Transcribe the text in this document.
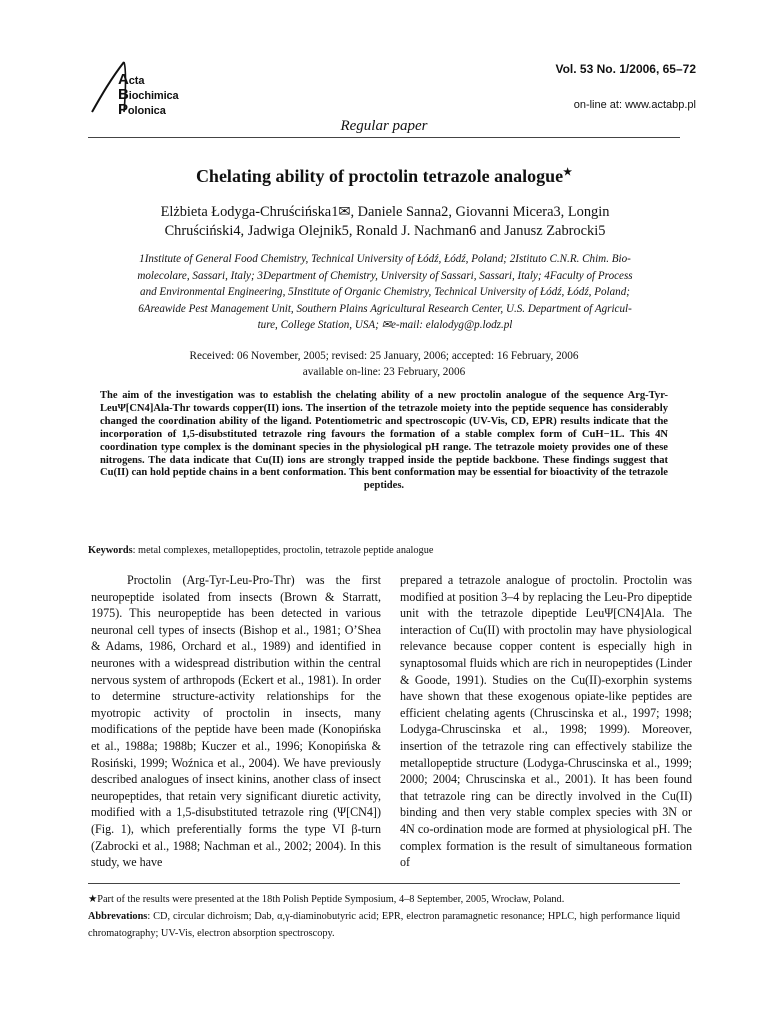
Acta
Biochimica
Polonica
Vol. 53 No. 1/2006, 65–72
on-line at: www.actabp.pl
Regular paper
Chelating ability of proctolin tetrazole analogue★
Elżbieta Łodyga-Chruścińska1✉, Daniele Sanna2, Giovanni Micera3, Longin
Chruściński4, Jadwiga Olejnik5, Ronald J. Nachman6 and Janusz Zabrocki5
1Institute of General Food Chemistry, Technical University of Łódź, Łódź, Poland; 2Istituto C.N.R. Chim. Bio-
molecolare, Sassari, Italy; 3Department of Chemistry, University of Sassari, Sassari, Italy; 4Faculty of Process
and Environmental Engineering, 5Institute of Organic Chemistry, Technical University of Łódź, Łódź, Poland;
6Areawide Pest Management Unit, Southern Plains Agricultural Research Center, U.S. Department of Agricul-
ture, College Station, USA; ✉e-mail: elalodyg@p.lodz.pl
Received: 06 November, 2005; revised: 25 January, 2006; accepted: 16 February, 2006
available on-line: 23 February, 2006
The aim of the investigation was to establish the chelating ability of a new proctolin analogue of the sequence Arg-Tyr-LeuΨ[CN4]Ala-Thr towards copper(II) ions. The insertion of the tetrazole moiety into the peptide sequence has considerably changed the coordination ability of the ligand. Potentiometric and spectroscopic (UV-Vis, CD, EPR) results indicate that the incorporation of 1,5-disubstituted tetrazole ring favours the formation of a stable complex form of CuH−1L. This 4N coordination type complex is the dominant species in the physiological pH range. The tetrazole moiety provides one of these nitrogens. The data indicate that Cu(II) ions are strongly trapped inside the peptide backbone. These findings suggest that Cu(II) can hold peptide chains in a bent conformation. This bent conformation may be essential for bioactivity of the tetrazole peptides.
Keywords: metal complexes, metallopeptides, proctolin, tetrazole peptide analogue

Proctolin (Arg-Tyr-Leu-Pro-Thr) was the first neuropeptide isolated from insects (Brown & Starratt, 1975). This neuropeptide has been detected in various neuronal cell types of insects (Bishop et al., 1981; O’Shea & Adams, 1986, Orchard et al., 1989) and identified in neurones with a widespread distribution within the central nervous system of arthropods (Eckert et al., 1981). In order to determine structure-activity relationships for the myotropic activity of proctolin in insects, many modifications of the peptide have been made (Konopińska et al., 1988a; 1988b; Kuczer et al., 1996; Konopińska & Rosiński, 1999; Woźnica et al., 2004). We have previously described analogues of insect kinins, another class of insect neuropeptides, that retain very significant diuretic activity, modified with a 1,5-disubstituted tetrazole ring (Ψ[CN4]) (Fig. 1), which preferentially forms the type VI β-turn (Zabrocki et al., 1988; Nachman et al., 2002; 2004). In this study, we have

prepared a tetrazole analogue of proctolin. Proctolin was modified at position 3–4 by replacing the Leu-Pro dipeptide unit with the tetrazole dipeptide LeuΨ[CN4]Ala. The interaction of Cu(II) with proctolin may have physiological relevance because copper content is especially high in synaptosomal fluids which are rich in neuropeptides (Linder & Goode, 1991). Studies on the Cu(II)-exorphin systems have shown that these exogenous opiate-like peptides are efficient chelating agents (Chruscinska et al., 1997; 1998; Lodyga-Chruscinska et al., 1998; 1999). Moreover, insertion of the tetrazole ring can effectively stabilize the metallopeptide structure (Lodyga-Chruscinska et al., 1999; 2000; 2004; Chruscinska et al., 2001). It has been found that tetrazole ring can be directly involved in the Cu(II) binding and then very stable complex species with 3N or 4N co-ordination mode are formed at physiological pH. The complex formation is the result of simultaneous formation of

★Part of the results were presented at the 18th Polish Peptide Symposium, 4–8 September, 2005, Wrocław, Poland.
Abbrevations: CD, circular dichroism; Dab, α,γ-diaminobutyric acid; EPR, electron paramagnetic resonance; HPLC, high performance liquid chromatography; UV-Vis, electron absorption spectroscopy.
